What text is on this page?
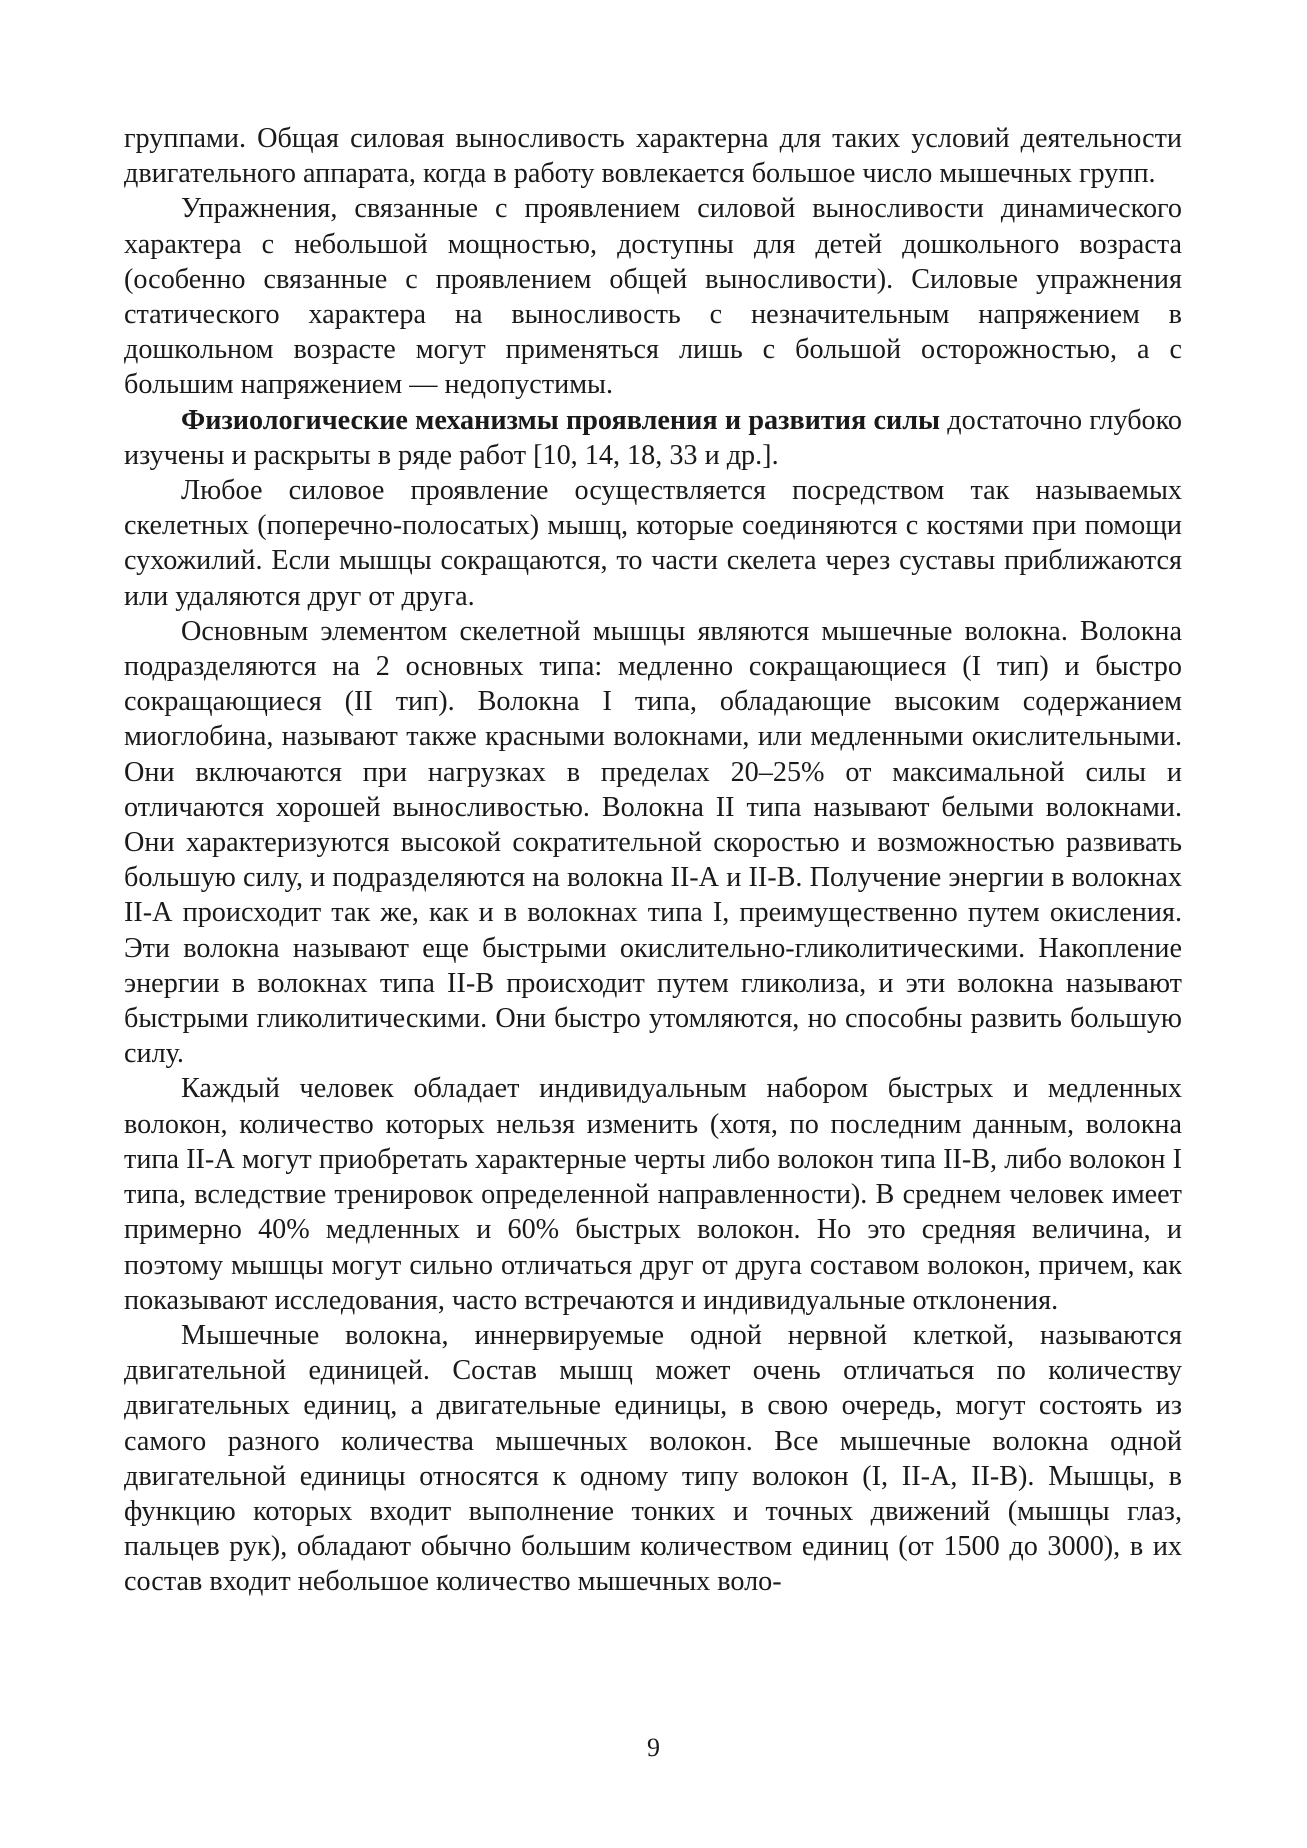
группами. Общая силовая выносливость характерна для таких условий деятельности двигательного аппарата, когда в работу вовлекается большое число мышечных групп.

Упражнения, связанные с проявлением силовой выносливости динамического характера с небольшой мощностью, доступны для детей дошкольного возраста (особенно связанные с проявлением общей выносливости). Силовые упражнения статического характера на выносливость с незначительным напряжением в дошкольном возрасте могут применяться лишь с большой осторожностью, а с большим напряжением — недопустимы.

Физиологические механизмы проявления и развития силы достаточно глубоко изучены и раскрыты в ряде работ [10, 14, 18, 33 и др.].

Любое силовое проявление осуществляется посредством так называемых скелетных (поперечно-полосатых) мышц, которые соединяются с костями при помощи сухожилий. Если мышцы сокращаются, то части скелета через суставы приближаются или удаляются друг от друга.

Основным элементом скелетной мышцы являются мышечные волокна. Волокна подразделяются на 2 основных типа: медленно сокращающиеся (I тип) и быстро сокращающиеся (II тип). Волокна I типа, обладающие высоким содержанием миоглобина, называют также красными волокнами, или медленными окислительными. Они включаются при нагрузках в пределах 20–25% от максимальной силы и отличаются хорошей выносливостью. Волокна II типа называют белыми волокнами. Они характеризуются высокой сократительной скоростью и возможностью развивать большую силу, и подразделяются на волокна II-А и II-В. Получение энергии в волокнах II-А происходит так же, как и в волокнах типа I, преимущественно путем окисления. Эти волокна называют еще быстрыми окислительно-гликолитическими. Накопление энергии в волокнах типа II-В происходит путем гликолиза, и эти волокна называют быстрыми гликолитическими. Они быстро утомляются, но способны развить большую силу.

Каждый человек обладает индивидуальным набором быстрых и медленных волокон, количество которых нельзя изменить (хотя, по последним данным, волокна типа II-А могут приобретать характерные черты либо волокон типа II-В, либо волокон I типа, вследствие тренировок определенной направленности). В среднем человек имеет примерно 40% медленных и 60% быстрых волокон. Но это средняя величина, и поэтому мышцы могут сильно отличаться друг от друга составом волокон, причем, как показывают исследования, часто встречаются и индивидуальные отклонения.

Мышечные волокна, иннервируемые одной нервной клеткой, называются двигательной единицей. Состав мышц может очень отличаться по количеству двигательных единиц, а двигательные единицы, в свою очередь, могут состоять из самого разного количества мышечных волокон. Все мышечные волокна одной двигательной единицы относятся к одному типу волокон (I, II-А, II-В). Мышцы, в функцию которых входит выполнение тонких и точных движений (мышцы глаз, пальцев рук), обладают обычно большим количеством единиц (от 1500 до 3000), в их состав входит небольшое количество мышечных воло-

9
